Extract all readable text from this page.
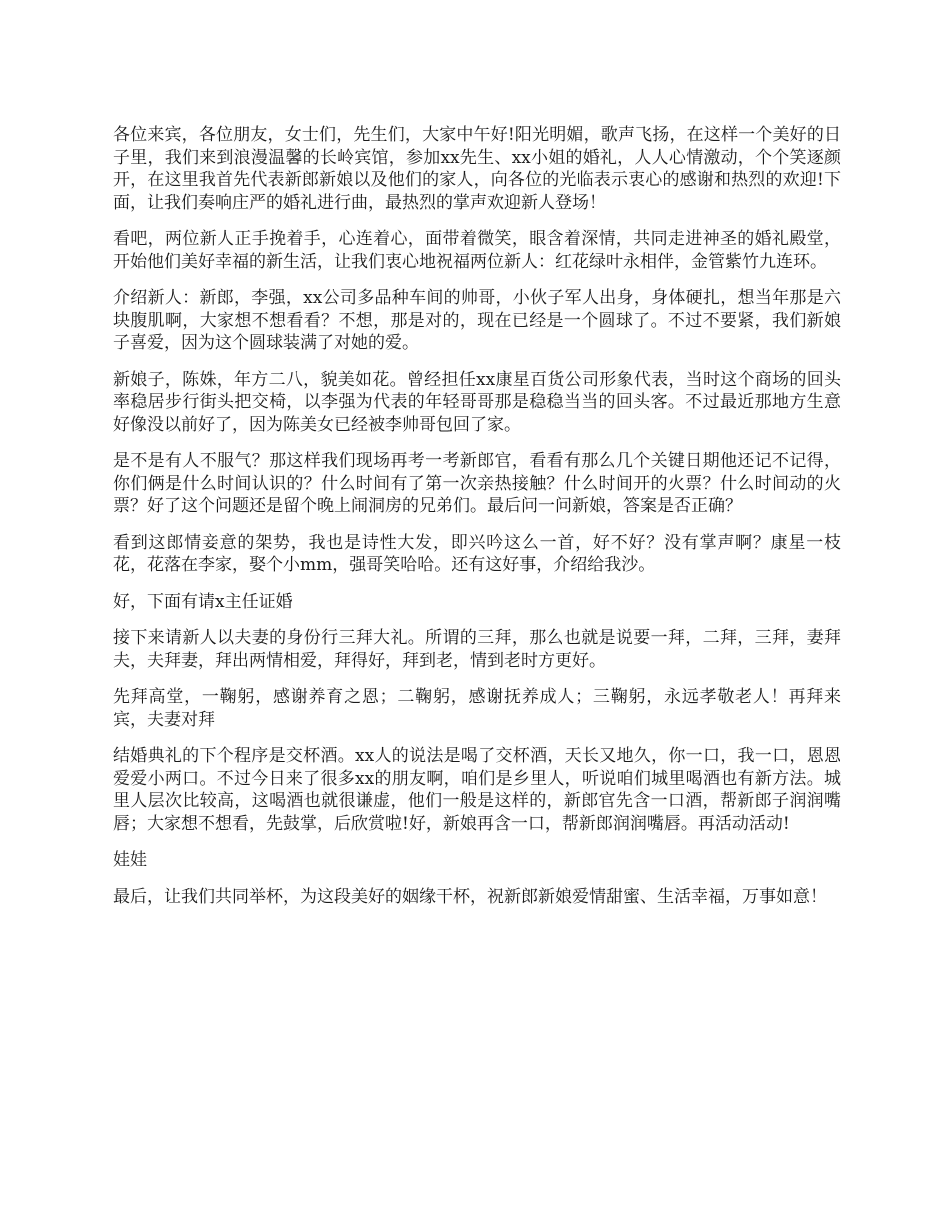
各位来宾，各位朋友，女士们，先生们，大家中午好!阳光明媚，歌声飞扬，在这样一个美好的日子里，我们来到浪漫温馨的长岭宾馆，参加xx先生、xx小姐的婚礼，人人心情激动，个个笑逐颜开，在这里我首先代表新郎新娘以及他们的家人，向各位的光临表示衷心的感谢和热烈的欢迎!下面，让我们奏响庄严的婚礼进行曲，最热烈的掌声欢迎新人登场！

看吧，两位新人正手挽着手，心连着心，面带着微笑，眼含着深情，共同走进神圣的婚礼殿堂，开始他们美好幸福的新生活，让我们衷心地祝福两位新人：红花绿叶永相伴，金管紫竹九连环。

介绍新人：新郎，李强，xx公司多品种车间的帅哥，小伙子军人出身，身体硬扎，想当年那是六块腹肌啊，大家想不想看看？不想，那是对的，现在已经是一个圆球了。不过不要紧，我们新娘子喜爱，因为这个圆球装满了对她的爱。

新娘子，陈姝，年方二八，貌美如花。曾经担任xx康星百货公司形象代表，当时这个商场的回头率稳居步行街头把交椅，以李强为代表的年轻哥哥那是稳稳当当的回头客。不过最近那地方生意好像没以前好了，因为陈美女已经被李帅哥包回了家。

是不是有人不服气？那这样我们现场再考一考新郎官，看看有那么几个关键日期他还记不记得，你们俩是什么时间认识的？什么时间有了第一次亲热接触？什么时间开的火票？什么时间动的火票？好了这个问题还是留个晚上闹洞房的兄弟们。最后问一问新娘，答案是否正确？

看到这郎情妾意的架势，我也是诗性大发，即兴吟这么一首，好不好？没有掌声啊？康星一枝花，花落在李家，娶个小mm，强哥笑哈哈。还有这好事，介绍给我沙。

好，下面有请x主任证婚

接下来请新人以夫妻的身份行三拜大礼。所谓的三拜，那么也就是说要一拜，二拜，三拜，妻拜夫，夫拜妻，拜出两情相爱，拜得好，拜到老，情到老时方更好。

先拜高堂，一鞠躬，感谢养育之恩；二鞠躬，感谢抚养成人；三鞠躬，永远孝敬老人！再拜来宾，夫妻对拜

结婚典礼的下个程序是交杯酒。xx人的说法是喝了交杯酒，天长又地久，你一口，我一口，恩恩爱爱小两口。不过今日来了很多xx的朋友啊，咱们是乡里人，听说咱们城里喝酒也有新方法。城里人层次比较高，这喝酒也就很谦虚，他们一般是这样的，新郎官先含一口酒，帮新郎子润润嘴唇；大家想不想看，先鼓掌，后欣赏啦!好，新娘再含一口，帮新郎润润嘴唇。再活动活动!

娃娃

最后，让我们共同举杯，为这段美好的姻缘干杯，祝新郎新娘爱情甜蜜、生活幸福，万事如意！
